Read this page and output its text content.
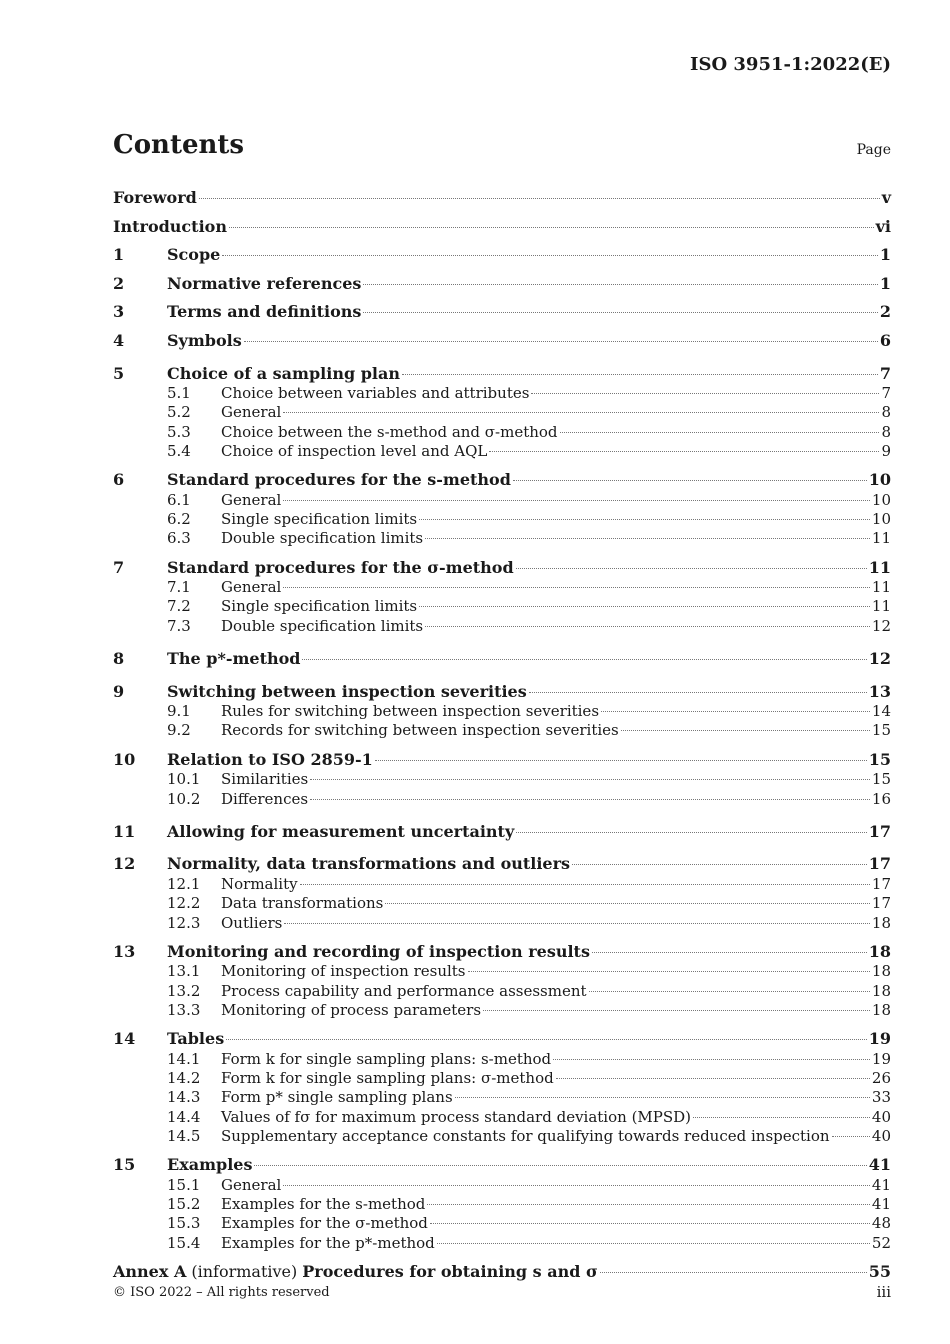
ISO 3951-1:2022(E)
Contents	Page
Foreword	v
Introduction	vi
1	Scope	1
2	Normative references	1
3	Terms and definitions	2
4	Symbols	6
5	Choice of a sampling plan	7
5.1	Choice between variables and attributes	7
5.2	General	8
5.3	Choice between the s-method and σ-method	8
5.4	Choice of inspection level and AQL	9
6	Standard procedures for the s-method	10
6.1	General	10
6.2	Single specification limits	10
6.3	Double specification limits	11
7	Standard procedures for the σ-method	11
7.1	General	11
7.2	Single specification limits	11
7.3	Double specification limits	12
8	The p*-method	12
9	Switching between inspection severities	13
9.1	Rules for switching between inspection severities	14
9.2	Records for switching between inspection severities	15
10	Relation to ISO 2859-1	15
10.1	Similarities	15
10.2	Differences	16
11	Allowing for measurement uncertainty	17
12	Normality, data transformations and outliers	17
12.1	Normality	17
12.2	Data transformations	17
12.3	Outliers	18
13	Monitoring and recording of inspection results	18
13.1	Monitoring of inspection results	18
13.2	Process capability and performance assessment	18
13.3	Monitoring of process parameters	18
14	Tables	19
14.1	Form k for single sampling plans: s-method	19
14.2	Form k for single sampling plans: σ-method	26
14.3	Form p* single sampling plans	33
14.4	Values of fσ for maximum process standard deviation (MPSD)	40
14.5	Supplementary acceptance constants for qualifying towards reduced inspection	40
15	Examples	41
15.1	General	41
15.2	Examples for the s-method	41
15.3	Examples for the σ-method	48
15.4	Examples for the p*-method	52
Annex A (informative) Procedures for obtaining s and σ	55
© ISO 2022 – All rights reserved	iii
